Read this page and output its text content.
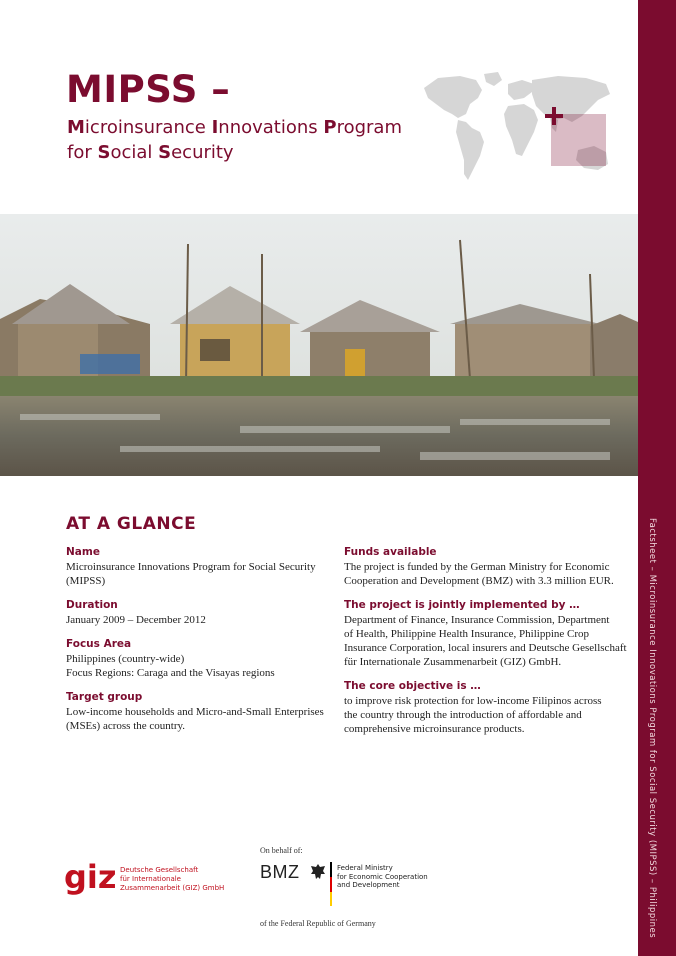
Factsheet – Microinsurance Innovations Program for Social Security (MIPSS) – Philippines
MIPSS –
Microinsurance Innovations Program
for Social Security
AT A GLANCE
Name
Microinsurance Innovations Program for Social Security
(MIPSS)
Duration
January 2009 – December 2012
Focus Area
Philippines (country-wide)
Focus Regions: Caraga and the Visayas regions
Target group
Low-income households and Micro-and-Small Enterprises
(MSEs) across the country.
Funds available
The project is funded by the German Ministry for Economic
Cooperation and Development (BMZ) with 3.3 million EUR.
The project is jointly implemented by …
Department of Finance, Insurance Commission, Department
of Health, Philippine Health Insurance, Philippine Crop
Insurance Corporation, local insurers and Deutsche Gesellschaft
für Internationale Zusammenarbeit (GIZ) GmbH.
The core objective is …
to improve risk protection for low-income Filipinos across
the country through the introduction of affordable and
comprehensive microinsurance products.
giz Deutsche Gesellschaft
für Internationale
Zusammenarbeit (GIZ) GmbH
On behalf of:
BMZ	Federal Ministry
for Economic Cooperation
and Development
of the Federal Republic of Germany
